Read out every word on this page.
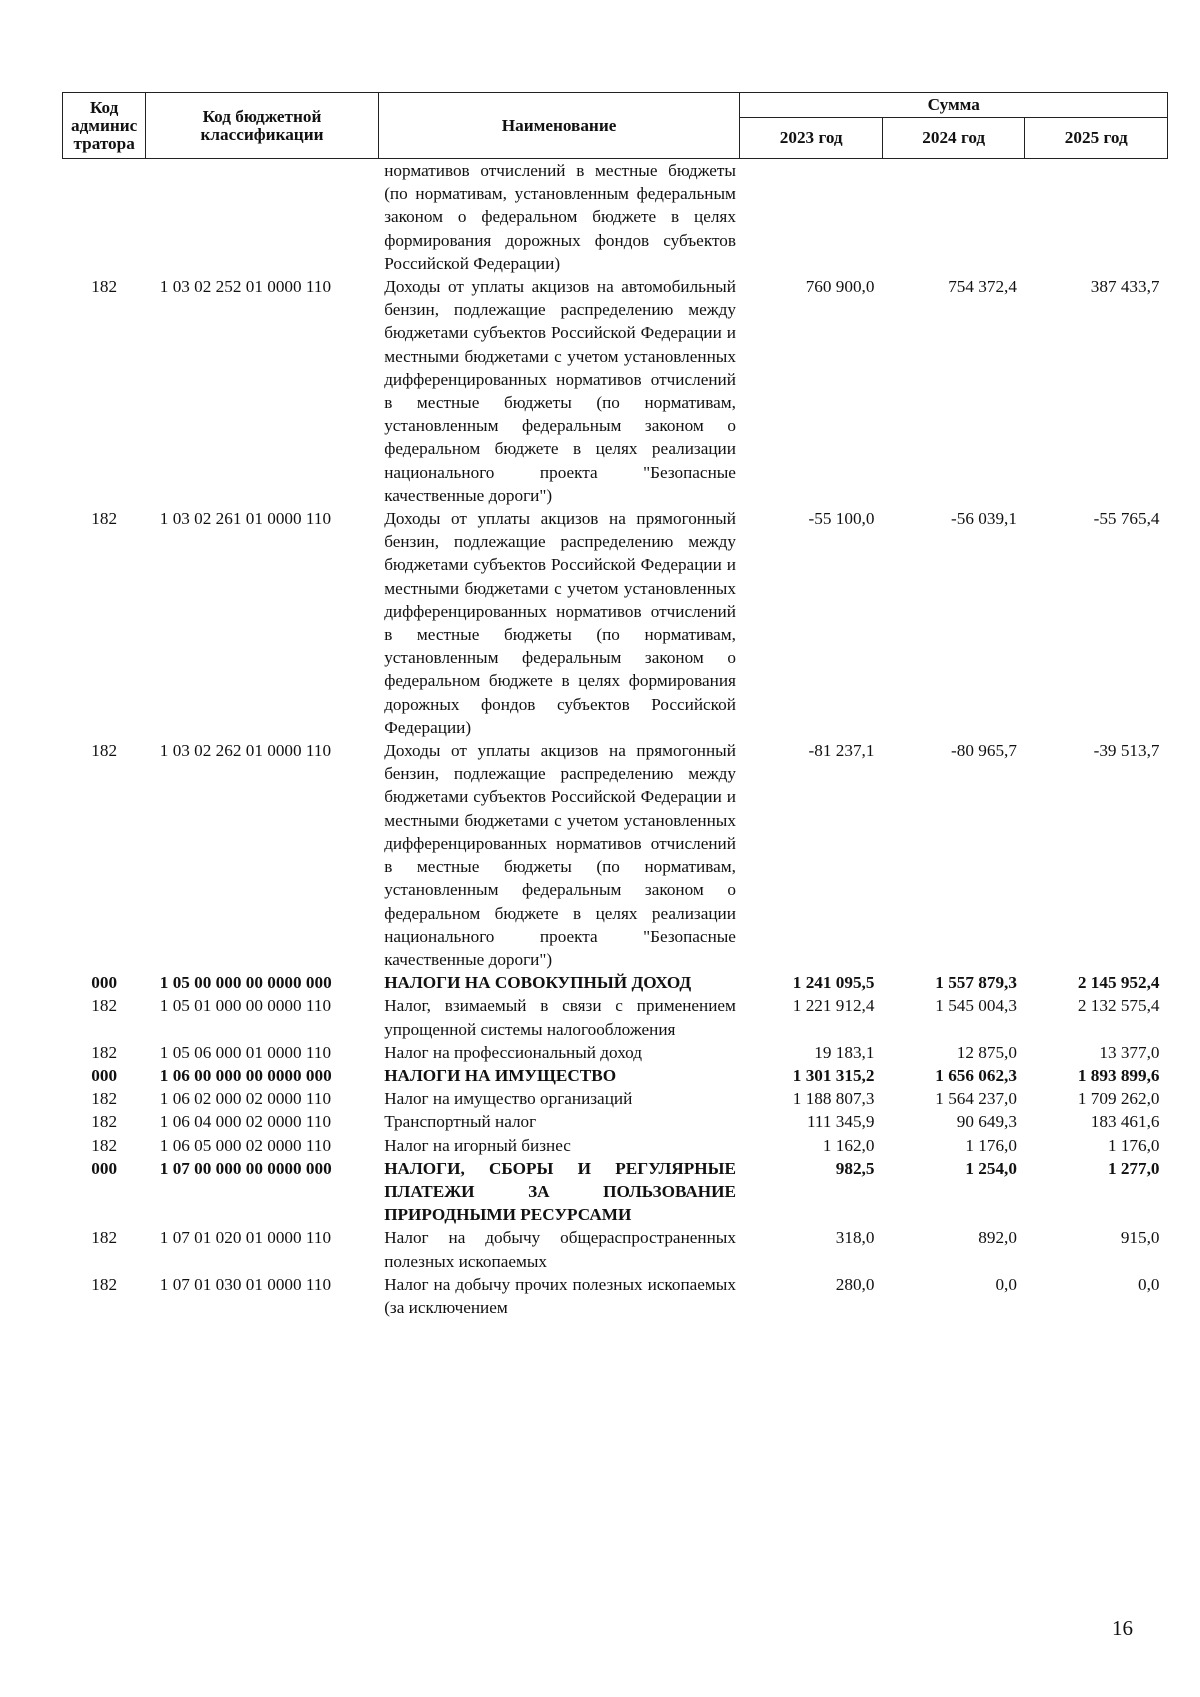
Код админис тратора	Код бюджетной классификации	Наименование	Сумма		
			2023 год	2024 год	2025 год
		нормативов отчислений в местные бюджеты (по нормативам, установленным федеральным законом о федеральном бюджете в целях формирования дорожных фондов субъектов Российской Федерации)			
182	1 03 02 252 01 0000 110	Доходы от уплаты акцизов на автомобильный бензин, подлежащие распределению между бюджетами субъектов Российской Федерации и местными бюджетами с учетом установленных дифференцированных нормативов отчислений в местные бюджеты (по нормативам, установленным федеральным законом о федеральном бюджете в целях реализации национального проекта "Безопасные качественные дороги")	760 900,0	754 372,4	387 433,7
182	1 03 02 261 01 0000 110	Доходы от уплаты акцизов на прямогонный бензин, подлежащие распределению между бюджетами субъектов Российской Федерации и местными бюджетами с учетом установленных дифференцированных нормативов отчислений в местные бюджеты (по нормативам, установленным федеральным законом о федеральном бюджете в целях формирования дорожных фондов субъектов Российской Федерации)	-55 100,0	-56 039,1	-55 765,4
182	1 03 02 262 01 0000 110	Доходы от уплаты акцизов на прямогонный бензин, подлежащие распределению между бюджетами субъектов Российской Федерации и местными бюджетами с учетом установленных дифференцированных нормативов отчислений в местные бюджеты (по нормативам, установленным федеральным законом о федеральном бюджете в целях реализации национального проекта "Безопасные качественные дороги")	-81 237,1	-80 965,7	-39 513,7
000	1 05 00 000 00 0000 000	НАЛОГИ НА СОВОКУПНЫЙ ДОХОД	1 241 095,5	1 557 879,3	2 145 952,4
182	1 05 01 000 00 0000 110	Налог, взимаемый в связи с применением упрощенной системы налогообложения	1 221 912,4	1 545 004,3	2 132 575,4
182	1 05 06 000 01 0000 110	Налог на профессиональный доход	19 183,1	12 875,0	13 377,0
000	1 06 00 000 00 0000 000	НАЛОГИ НА ИМУЩЕСТВО	1 301 315,2	1 656 062,3	1 893 899,6
182	1 06 02 000 02 0000 110	Налог на имущество организаций	1 188 807,3	1 564 237,0	1 709 262,0
182	1 06 04 000 02 0000 110	Транспортный налог	111 345,9	90 649,3	183 461,6
182	1 06 05 000 02 0000 110	Налог на игорный бизнес	1 162,0	1 176,0	1 176,0
000	1 07 00 000 00 0000 000	НАЛОГИ, СБОРЫ И РЕГУЛЯРНЫЕ ПЛАТЕЖИ ЗА ПОЛЬЗОВАНИЕ ПРИРОДНЫМИ РЕСУРСАМИ	982,5	1 254,0	1 277,0
182	1 07 01 020 01 0000 110	Налог на добычу общераспространенных полезных ископаемых	318,0	892,0	915,0
182	1 07 01 030 01 0000 110	Налог на добычу прочих полезных ископаемых (за исключением	280,0	0,0	0,0
16
